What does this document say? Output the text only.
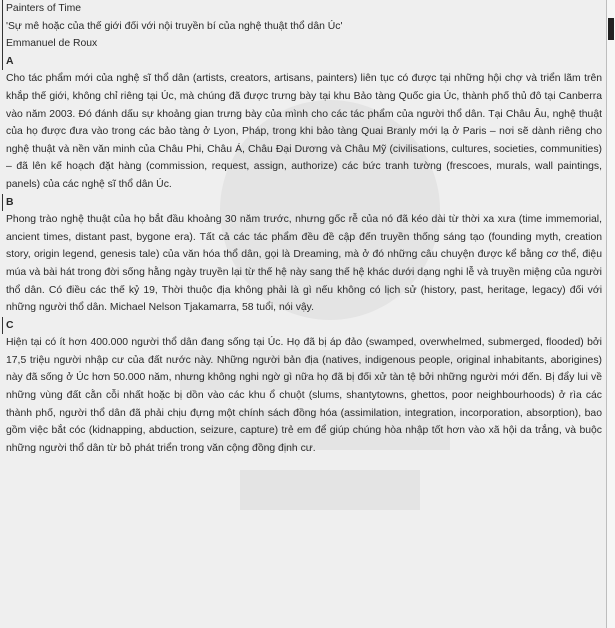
Painters of Time

'Sự mê hoặc của thế giới đối với nội truyền bí của nghệ thuật thổ dân Úc'

Emmanuel de Roux

A

Cho tác phẩm mới của nghệ sĩ thổ dân (artists, creators, artisans, painters) liên tục có được tại những hội chợ và triển lãm trên khắp thế giới, không chỉ riêng tại Úc, mà chúng đã được trưng bày tại khu Bảo tàng Quốc gia Úc, thành phố thủ đô tại Canberra vào năm 2003. Đó đánh dấu sự khoảng gian trưng bày của mình cho các tác phẩm của người thổ dân. Tại Châu Âu, nghệ thuật của họ được đưa vào trong các bảo tàng ở Lyon, Pháp, trong khi bảo tàng Quai Branly mới lạ ở Paris – nơi sẽ dành riêng cho nghệ thuật và nền văn minh của Châu Phi, Châu Á, Châu Đại Dương và Châu Mỹ (civilisations, cultures, societies, communities) – đã lên kế hoạch đặt hàng (commission, request, assign, authorize) các bức tranh tường (frescoes, murals, wall paintings, panels) của các nghệ sĩ thổ dân Úc.

B

Phong trào nghệ thuật của họ bắt đầu khoảng 30 năm trước, nhưng gốc rễ của nó đã kéo dài từ thời xa xưa (time immemorial, ancient times, distant past, bygone era). Tất cả các tác phẩm đều đề cập đến truyền thống sáng tạo (founding myth, creation story, origin legend, genesis tale) của văn hóa thổ dân, gọi là Dreaming, mà ở đó những câu chuyện được kể bằng cơ thể, điệu múa và bài hát trong đời sống hằng ngày truyền lại từ thế hệ này sang thế hệ khác dưới dạng nghi lễ và truyền miệng của người thổ dân. Có điều các thế kỷ 19, Thời thuộc địa không phải là gì nếu không có lịch sử (history, past, heritage, legacy) đối với những người thổ dân. Michael Nelson Tjakamarra, 58 tuổi, nói vậy.

C

Hiện tại có ít hơn 400.000 người thổ dân đang sống tại Úc. Họ đã bị áp đảo (swamped, overwhelmed, submerged, flooded) bởi 17,5 triệu người nhập cư của đất nước này. Những người bản địa (natives, indigenous people, original inhabitants, aborigines) này đã sống ở Úc hơn 50.000 năm, nhưng không nghi ngờ gì nữa họ đã bị đối xử tàn tệ bởi những người mới đến. Bị đẩy lui về những vùng đất cằn cỗi nhất hoặc bị dồn vào các khu ổ chuột (slums, shantytowns, ghettos, poor neighbourhoods) ở rìa các thành phố, người thổ dân đã phải chịu đựng một chính sách đồng hóa (assimilation, integration, incorporation, absorption), bao gồm việc bắt cóc (kidnapping, abduction, seizure, capture) trẻ em để giúp chúng hòa nhập tốt hơn vào xã hội da trắng, và buộc những người thổ dân từ bỏ phát triển trong văn cộng đồng định cư.
